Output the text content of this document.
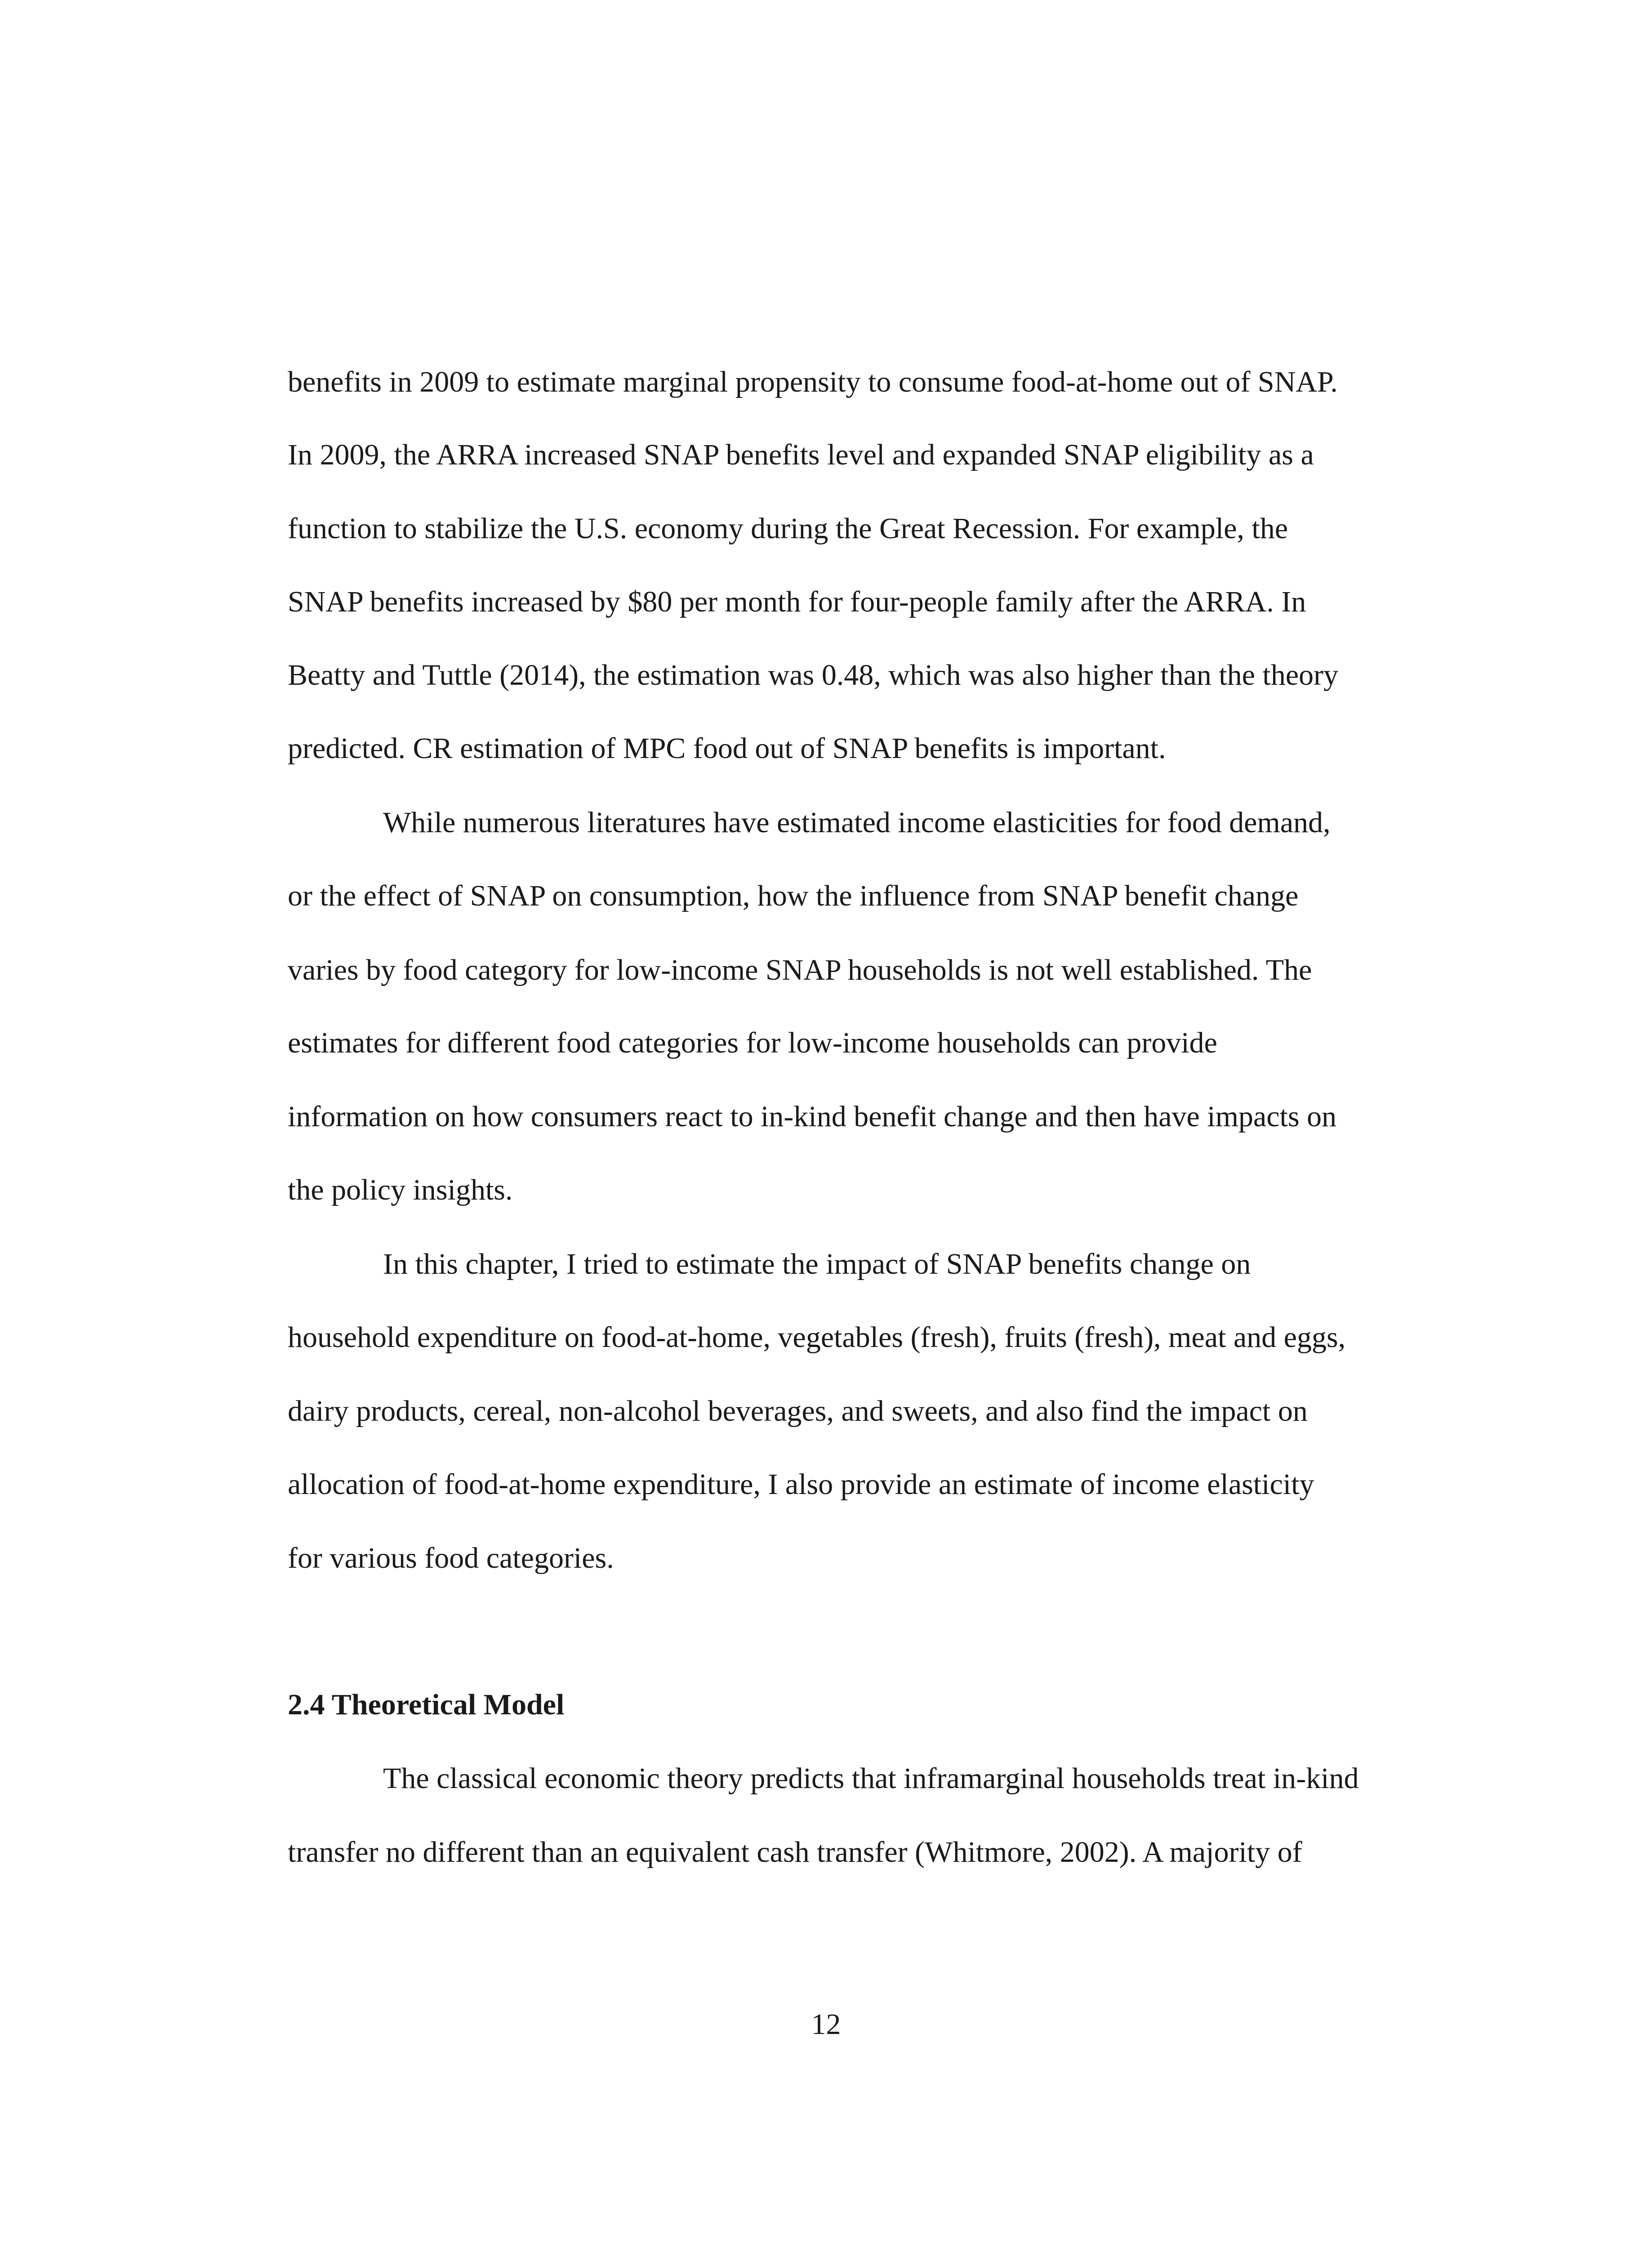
benefits in 2009 to estimate marginal propensity to consume food-at-home out of SNAP.
In 2009, the ARRA increased SNAP benefits level and expanded SNAP eligibility as a
function to stabilize the U.S. economy during the Great Recession. For example, the
SNAP benefits increased by $80 per month for four-people family after the ARRA. In
Beatty and Tuttle (2014), the estimation was 0.48, which was also higher than the theory
predicted. CR estimation of MPC food out of SNAP benefits is important.
While numerous literatures have estimated income elasticities for food demand,
or the effect of SNAP on consumption, how the influence from SNAP benefit change
varies by food category for low-income SNAP households is not well established. The
estimates for different food categories for low-income households can provide
information on how consumers react to in-kind benefit change and then have impacts on
the policy insights.
In this chapter, I tried to estimate the impact of SNAP benefits change on
household expenditure on food-at-home, vegetables (fresh), fruits (fresh), meat and eggs,
dairy products, cereal, non-alcohol beverages, and sweets, and also find the impact on
allocation of food-at-home expenditure, I also provide an estimate of income elasticity
for various food categories.
2.4 Theoretical Model
The classical economic theory predicts that inframarginal households treat in-kind
transfer no different than an equivalent cash transfer (Whitmore, 2002). A majority of
12
